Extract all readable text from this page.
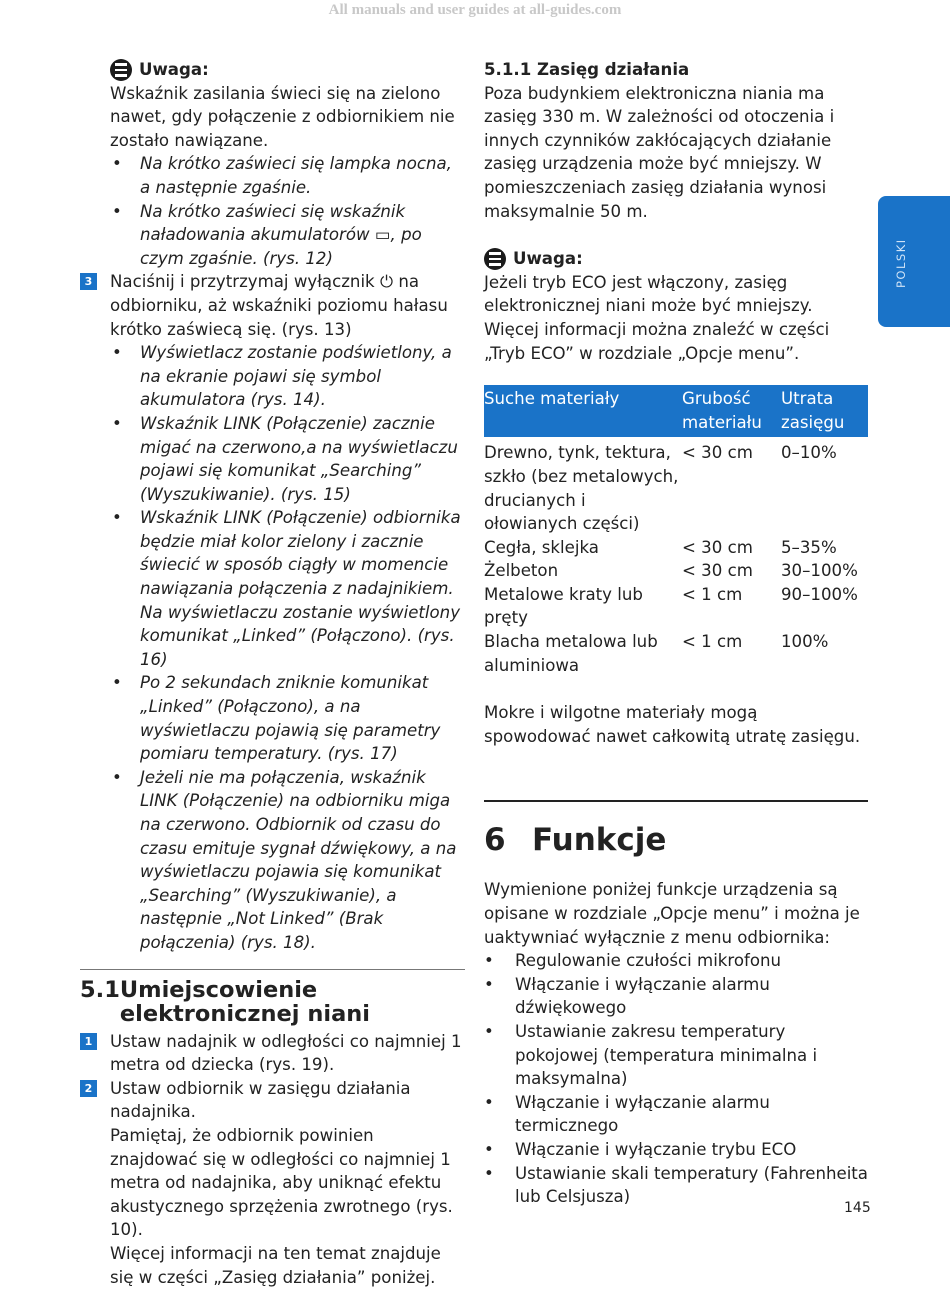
All manuals and user guides at all-guides.com
Uwaga:

Wskaźnik zasilania świeci się na zielono nawet, gdy połączenie z odbiornikiem nie zostało nawiązane.

• Na krótko zaświeci się lampka nocna, a następnie zgaśnie.
• Na krótko zaświeci się wskaźnik naładowania akumulatorów ▭, po czym zgaśnie. (rys. 12)
3 Naciśnij i przytrzymaj wyłącznik ⏻ na odbiorniku, aż wskaźniki poziomu hałasu krótko zaświecą się. (rys. 13)

• Wyświetlacz zostanie podświetlony, a na ekranie pojawi się symbol akumulatora (rys. 14).
• Wskaźnik LINK (Połączenie) zacznie migać na czerwono,a na wyświetlaczu pojawi się komunikat „Searching” (Wyszukiwanie). (rys. 15)
• Wskaźnik LINK (Połączenie) odbiornika będzie miał kolor zielony i zacznie świecić w sposób ciągły w momencie nawiązania połączenia z nadajnikiem. Na wyświetlaczu zostanie wyświetlony komunikat „Linked” (Połączono). (rys. 16)
• Po 2 sekundach zniknie komunikat „Linked” (Połączono), a na wyświetlaczu pojawią się parametry pomiaru temperatury. (rys. 17)
• Jeżeli nie ma połączenia, wskaźnik LINK (Połączenie) na odbiorniku miga na czerwono. Odbiornik od czasu do czasu emituje sygnał dźwiękowy, a na wyświetlaczu pojawia się komunikat „Searching” (Wyszukiwanie), a następnie „Not Linked” (Brak połączenia) (rys. 18).
5.1 Umiejscowienie elektronicznej niani
1 Ustaw nadajnik w odległości co najmniej 1 metra od dziecka (rys. 19).

2 Ustaw odbiornik w zasięgu działania nadajnika.

Pamiętaj, że odbiornik powinien znajdować się w odległości co najmniej 1 metra od nadajnika, aby uniknąć efektu akustycznego sprzężenia zwrotnego (rys. 10).

Więcej informacji na ten temat znajduje się w części „Zasięg działania” poniżej.

5.1.1 Zasięg działania

Poza budynkiem elektroniczna niania ma zasięg 330 m. W zależności od otoczenia i innych czynników zakłócających działanie zasięg urządzenia może być mniejszy. W pomieszczeniach zasięg działania wynosi maksymalnie 50 m.

Uwaga:

Jeżeli tryb ECO jest włączony, zasięg elektronicznej niani może być mniejszy. Więcej informacji można znaleźć w części „Tryb ECO” w rozdziale „Opcje menu”.

Suche materiały	Grubość materiału	Utrata zasięgu
Drewno, tynk, tektura, szkło (bez metalowych, drucianych i ołowianych części)	< 30 cm	0–10%
Cegła, sklejka	< 30 cm	5–35%
Żelbeton	< 30 cm	30–100%
Metalowe kraty lub pręty	< 1 cm	90–100%
Blacha metalowa lub aluminiowa	< 1 cm	100%

Mokre i wilgotne materiały mogą spowodować nawet całkowitą utratę zasięgu.

6 Funkcje

Wymienione poniżej funkcje urządzenia są opisane w rozdziale „Opcje menu” i można je uaktywniać wyłącznie z menu odbiornika:

• Regulowanie czułości mikrofonu
• Włączanie i wyłączanie alarmu dźwiękowego
• Ustawianie zakresu temperatury pokojowej (temperatura minimalna i maksymalna)
• Włączanie i wyłączanie alarmu termicznego
• Włączanie i wyłączanie trybu ECO
• Ustawianie skali temperatury (Fahrenheita lub Celsjusza)
POLSKI
145
